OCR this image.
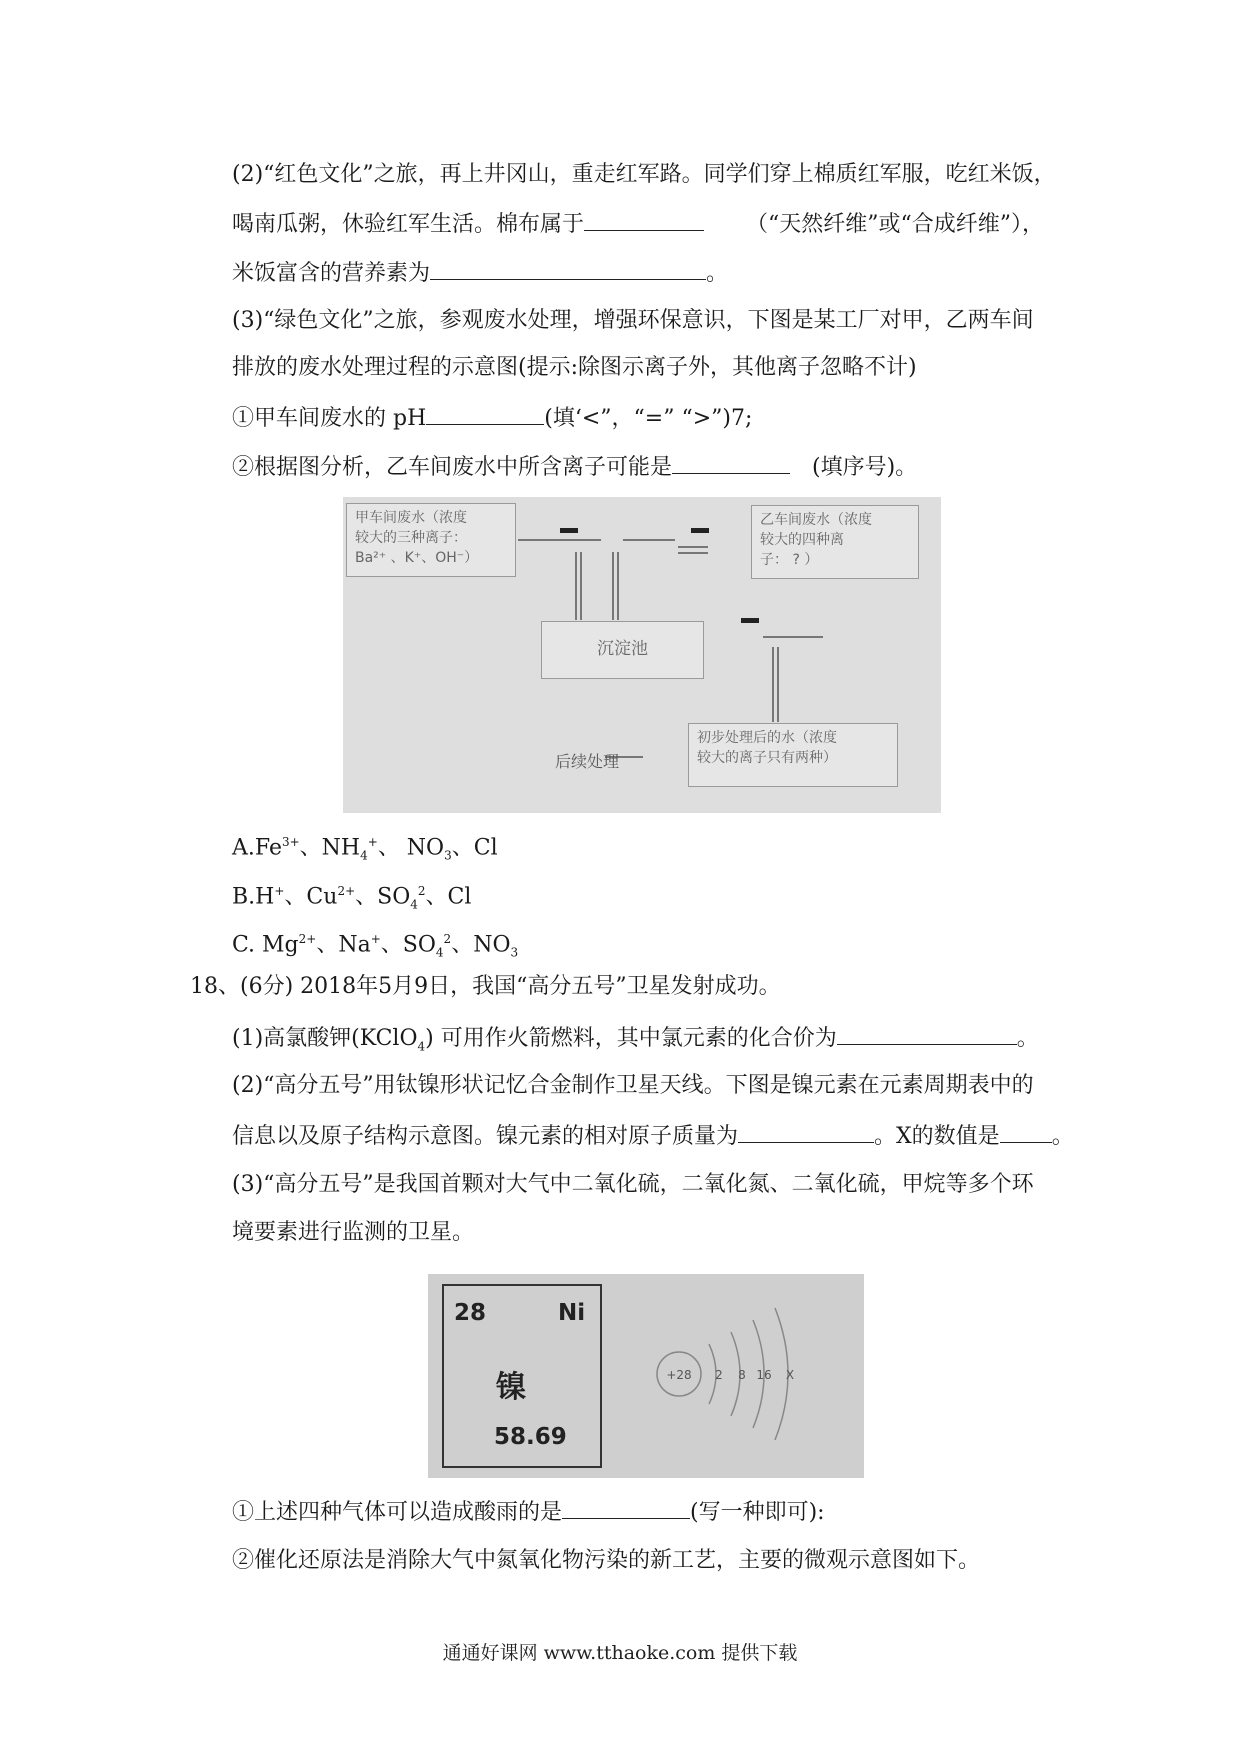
(2)“红色文化”之旅，再上井冈山，重走红军路。同学们穿上棉质红军服，吃红米饭，
喝南瓜粥，休验红军生活。棉布属于	（“天然纤维”或“合成纤维”），
米饭富含的营养素为	。
(3)“绿色文化”之旅，参观废水处理，增强环保意识，下图是某工厂对甲，乙两车间
排放的废水处理过程的示意图(提示:除图示离子外，其他离子忽略不计)
①甲车间废水的 pH	(填‘<”，“=” “>”)7;
②根据图分析，乙车间废水中所含离子可能是	(填序号)。
甲车间废水（浓度
较大的三种离子：
Ba²⁺ 、K⁺、OH⁻）
乙车间废水（浓度
较大的四种离
子： ? ）
沉淀池
初步处理后的水（浓度
较大的离子只有两种）
后续处理
$A.Fe^{3+}$、$NH_4^+$、 $NO_3$、Cl
B.H+、$Cu^{2+}$、$SO_4^2$、Cl
C. $Mg^{2+}$、Na+、$SO_4^2$、$NO_3$
18、(6分) 2018年5月9日，我国“高分五号”卫星发射成功。
(1)高氯酸钾(KClO$_4$) 可用作火箭燃料，其中氯元素的化合价为	。
(2)“高分五号”用钛镍形状记忆合金制作卫星天线。下图是镍元素在元素周期表中的
信息以及原子结构示意图。镍元素的相对原子质量为	。X的数值是 。
(3)“高分五号”是我国首颗对大气中二氧化硫，二氧化氮、二氧化硫，甲烷等多个环
境要素进行监测的卫星。
28	Ni
镍
58.69
+28 2 8 16 X
①上述四种气体可以造成酸雨的是	(写一种即可):
②催化还原法是消除大气中氮氧化物污染的新工艺，主要的微观示意图如下。
通通好课网 www.tthaoke.com 提供下载
